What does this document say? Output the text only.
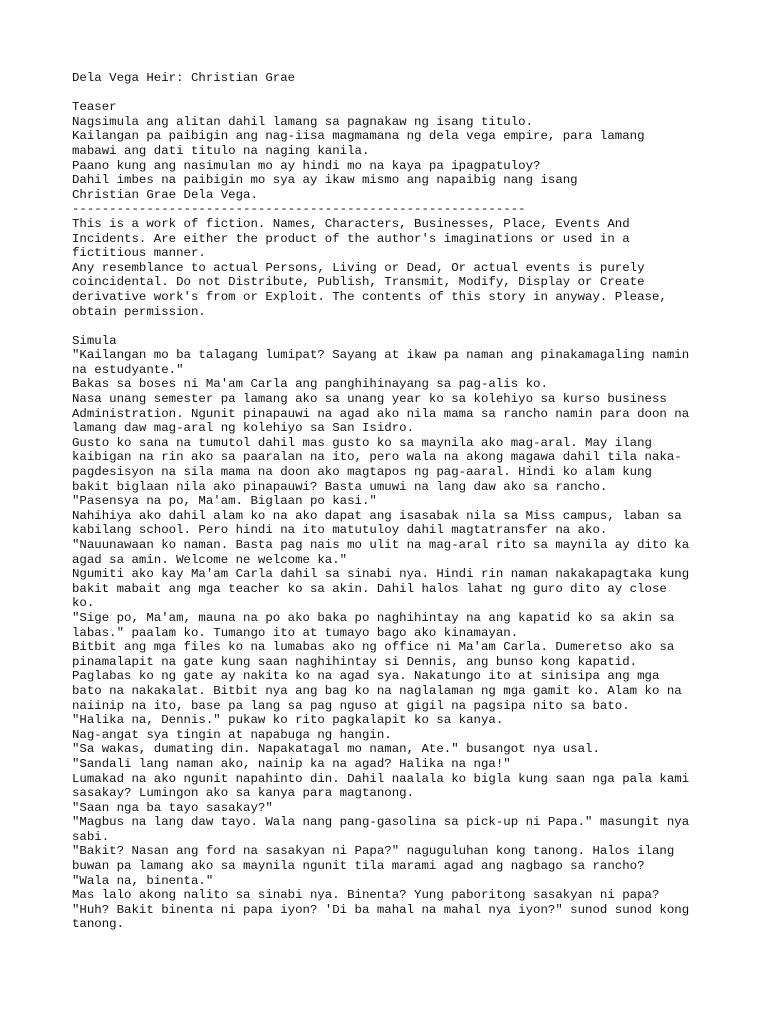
Dela Vega Heir: Christian Grae
Teaser
Nagsimula ang alitan dahil lamang sa pagnakaw ng isang titulo.
Kailangan pa paibigin ang nag-iisa magmamana ng dela vega empire, para lamang
mabawi ang dati titulo na naging kanila.
Paano kung ang nasimulan mo ay hindi mo na kaya pa ipagpatuloy?
Dahil imbes na paibigin mo sya ay ikaw mismo ang napaibig nang isang
Christian Grae Dela Vega.
-------------------------------------------------------------
This is a work of fiction. Names, Characters, Businesses, Place, Events And
Incidents. Are either the product of the author's imaginations or used in a
fictitious manner.
Any resemblance to actual Persons, Living or Dead, Or actual events is purely
coincidental. Do not Distribute, Publish, Transmit, Modify, Display or Create
derivative work's from or Exploit. The contents of this story in anyway. Please,
obtain permission.
Simula
"Kailangan mo ba talagang lumipat? Sayang at ikaw pa naman ang pinakamagaling namin
na estudyante."
Bakas sa boses ni Ma'am Carla ang panghihinayang sa pag-alis ko.
Nasa unang semester pa lamang ako sa unang year ko sa kolehiyo sa kurso business
Administration. Ngunit pinapauwi na agad ako nila mama sa rancho namin para doon na
lamang daw mag-aral ng kolehiyo sa San Isidro.
Gusto ko sana na tumutol dahil mas gusto ko sa maynila ako mag-aral. May ilang
kaibigan na rin ako sa paaralan na ito, pero wala na akong magawa dahil tila naka-
pagdesisyon na sila mama na doon ako magtapos ng pag-aaral. Hindi ko alam kung
bakit biglaan nila ako pinapauwi? Basta umuwi na lang daw ako sa rancho.
"Pasensya na po, Ma'am. Biglaan po kasi."
Nahihiya ako dahil alam ko na ako dapat ang isasabak nila sa Miss campus, laban sa
kabilang school. Pero hindi na ito matutuloy dahil magtatransfer na ako.
"Nauunawaan ko naman. Basta pag nais mo ulit na mag-aral rito sa maynila ay dito ka
agad sa amin. Welcome ne welcome ka."
Ngumiti ako kay Ma'am Carla dahil sa sinabi nya. Hindi rin naman nakakapagtaka kung
bakit mabait ang mga teacher ko sa akin. Dahil halos lahat ng guro dito ay close
ko.
"Sige po, Ma'am, mauna na po ako baka po naghihintay na ang kapatid ko sa akin sa
labas." paalam ko. Tumango ito at tumayo bago ako kinamayan.
Bitbit ang mga files ko na lumabas ako ng office ni Ma'am Carla. Dumeretso ako sa
pinamalapit na gate kung saan naghihintay si Dennis, ang bunso kong kapatid.
Paglabas ko ng gate ay nakita ko na agad sya. Nakatungo ito at sinisipa ang mga
bato na nakakalat. Bitbit nya ang bag ko na naglalaman ng mga gamit ko. Alam ko na
naiinip na ito, base pa lang sa pag nguso at gigil na pagsipa nito sa bato.
"Halika na, Dennis." pukaw ko rito pagkalapit ko sa kanya.
Nag-angat sya tingin at napabuga ng hangin.
"Sa wakas, dumating din. Napakatagal mo naman, Ate." busangot nya usal.
"Sandali lang naman ako, nainip ka na agad? Halika na nga!"
Lumakad na ako ngunit napahinto din. Dahil naalala ko bigla kung saan nga pala kami
sasakay? Lumingon ako sa kanya para magtanong.
"Saan nga ba tayo sasakay?"
"Magbus na lang daw tayo. Wala nang pang-gasolina sa pick-up ni Papa." masungit nya
sabi.
"Bakit? Nasan ang ford na sasakyan ni Papa?" naguguluhan kong tanong. Halos ilang
buwan pa lamang ako sa maynila ngunit tila marami agad ang nagbago sa rancho?
"Wala na, binenta."
Mas lalo akong nalito sa sinabi nya. Binenta? Yung paboritong sasakyan ni papa?
"Huh? Bakit binenta ni papa iyon? 'Di ba mahal na mahal nya iyon?" sunod sunod kong
tanong.
